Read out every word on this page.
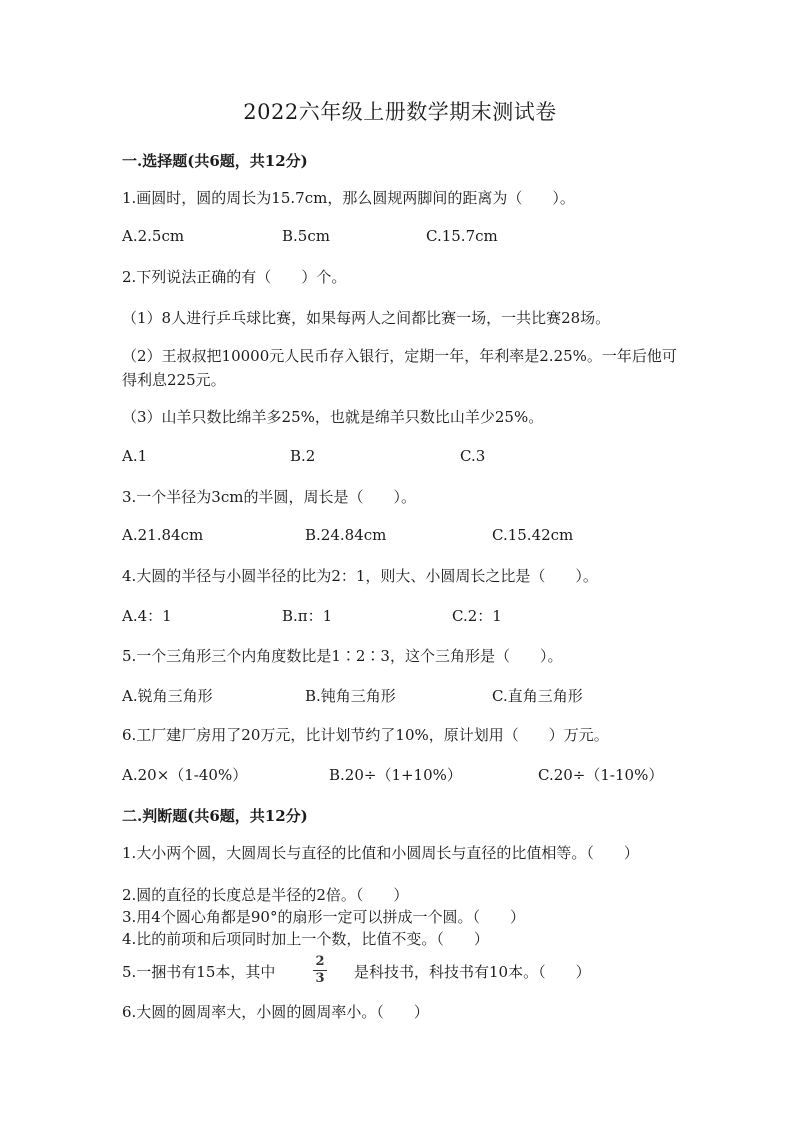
2022六年级上册数学期末测试卷
一.选择题(共6题，共12分)
1.画圆时，圆的周长为15.7cm，那么圆规两脚间的距离为（　　）。
A.2.5cm	B.5cm	C.15.7cm
2.下列说法正确的有（　　）个。
（1）8人进行乒乓球比赛，如果每两人之间都比赛一场，一共比赛28场。
（2）王叔叔把10000元人民币存入银行，定期一年，年利率是2.25%。一年后他可得利息225元。
（3）山羊只数比绵羊多25%，也就是绵羊只数比山羊少25%。
A.1	B.2	C.3
3.一个半径为3cm的半圆，周长是（　　）。
A.21.84cm	B.24.84cm	C.15.42cm
4.大圆的半径与小圆半径的比为2：1，则大、小圆周长之比是（　　）。
A.4：1	B.π：1	C.2：1
5.一个三角形三个内角度数比是1∶2∶3，这个三角形是（　　）。
A.锐角三角形	B.钝角三角形	C.直角三角形
6.工厂建厂房用了20万元，比计划节约了10%，原计划用（　　）万元。
A.20×（1-40%）	B.20÷（1+10%）	C.20÷（1-10%）
二.判断题(共6题，共12分)
1.大小两个圆，大圆周长与直径的比值和小圆周长与直径的比值相等。（　　）
2.圆的直径的长度总是半径的2倍。（　　）
3.用4个圆心角都是90°的扇形一定可以拼成一个圆。（　　）
4.比的前项和后项同时加上一个数，比值不变。（　　）
5.一捆书有15本，其中
2
3 是科技书，科技书有10本。（　　）
6.大圆的圆周率大，小圆的圆周率小。（　　）
